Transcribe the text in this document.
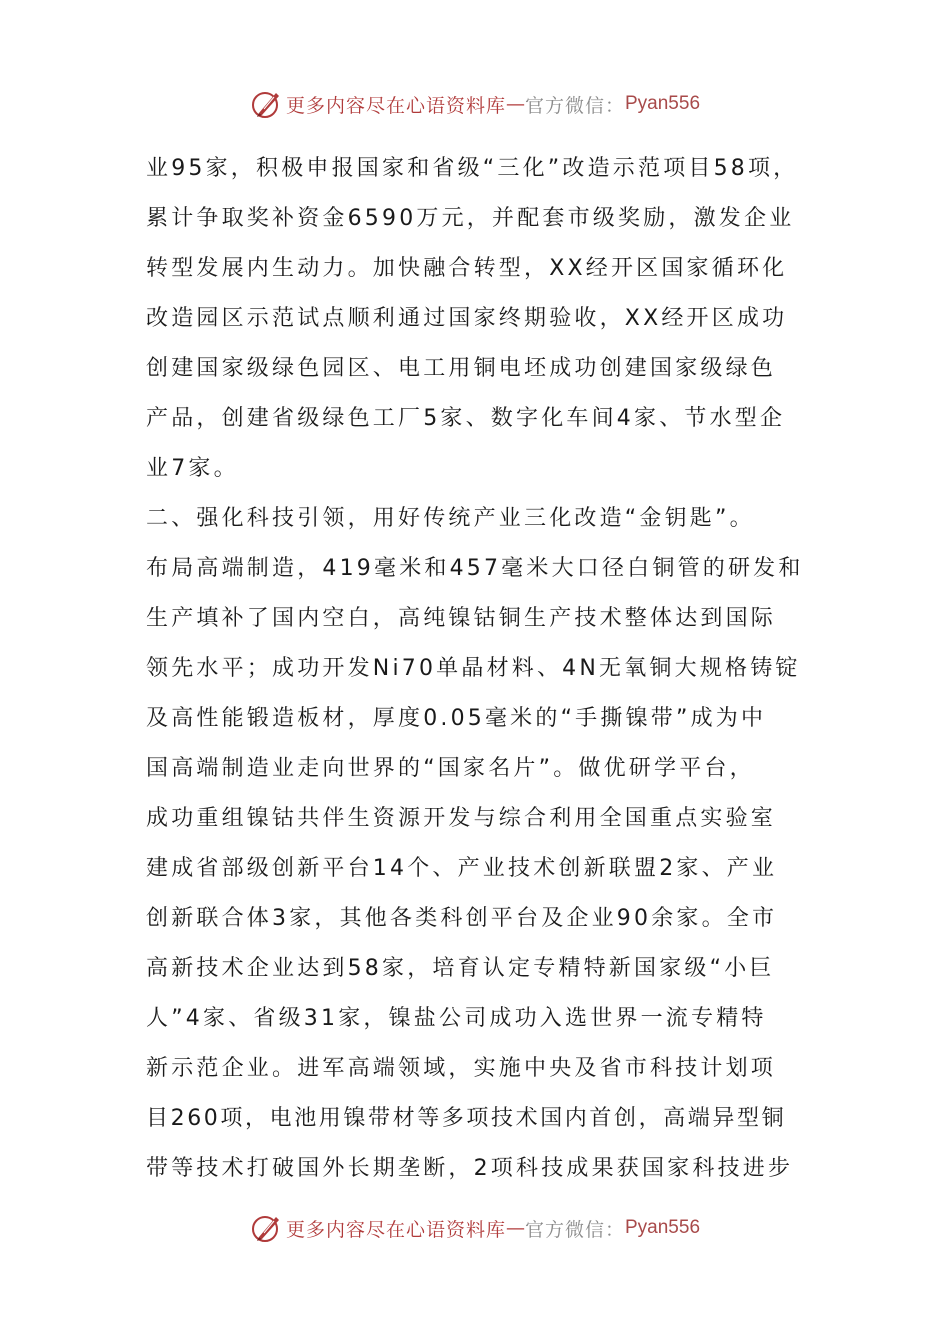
更多内容尽在心语资料库 — 官方微信： Pyan556
业95家，积极申报国家和省级“三化”改造示范项目58项，
累计争取奖补资金6590万元，并配套市级奖励，激发企业
转型发展内生动力。加快融合转型，XX经开区国家循环化
改造园区示范试点顺利通过国家终期验收，XX经开区成功
创建国家级绿色园区、电工用铜电坯成功创建国家级绿色
产品，创建省级绿色工厂5家、数字化车间4家、节水型企
业7家。
二、强化科技引领，用好传统产业三化改造“金钥匙”。
布局高端制造，419毫米和457毫米大口径白铜管的研发和
生产填补了国内空白，高纯镍钴铜生产技术整体达到国际
领先水平；成功开发Ni70单晶材料、4N无氧铜大规格铸锭
及高性能锻造板材，厚度0.05毫米的“手撕镍带”成为中
国高端制造业走向世界的“国家名片”。做优研学平台，
成功重组镍钴共伴生资源开发与综合利用全国重点实验室
建成省部级创新平台14个、产业技术创新联盟2家、产业
创新联合体3家，其他各类科创平台及企业90余家。全市
高新技术企业达到58家，培育认定专精特新国家级“小巨
人”4家、省级31家，镍盐公司成功入选世界一流专精特
新示范企业。进军高端领域，实施中央及省市科技计划项
目260项，电池用镍带材等多项技术国内首创，高端异型铜
带等技术打破国外长期垄断，2项科技成果获国家科技进步
更多内容尽在心语资料库 — 官方微信： Pyan556
